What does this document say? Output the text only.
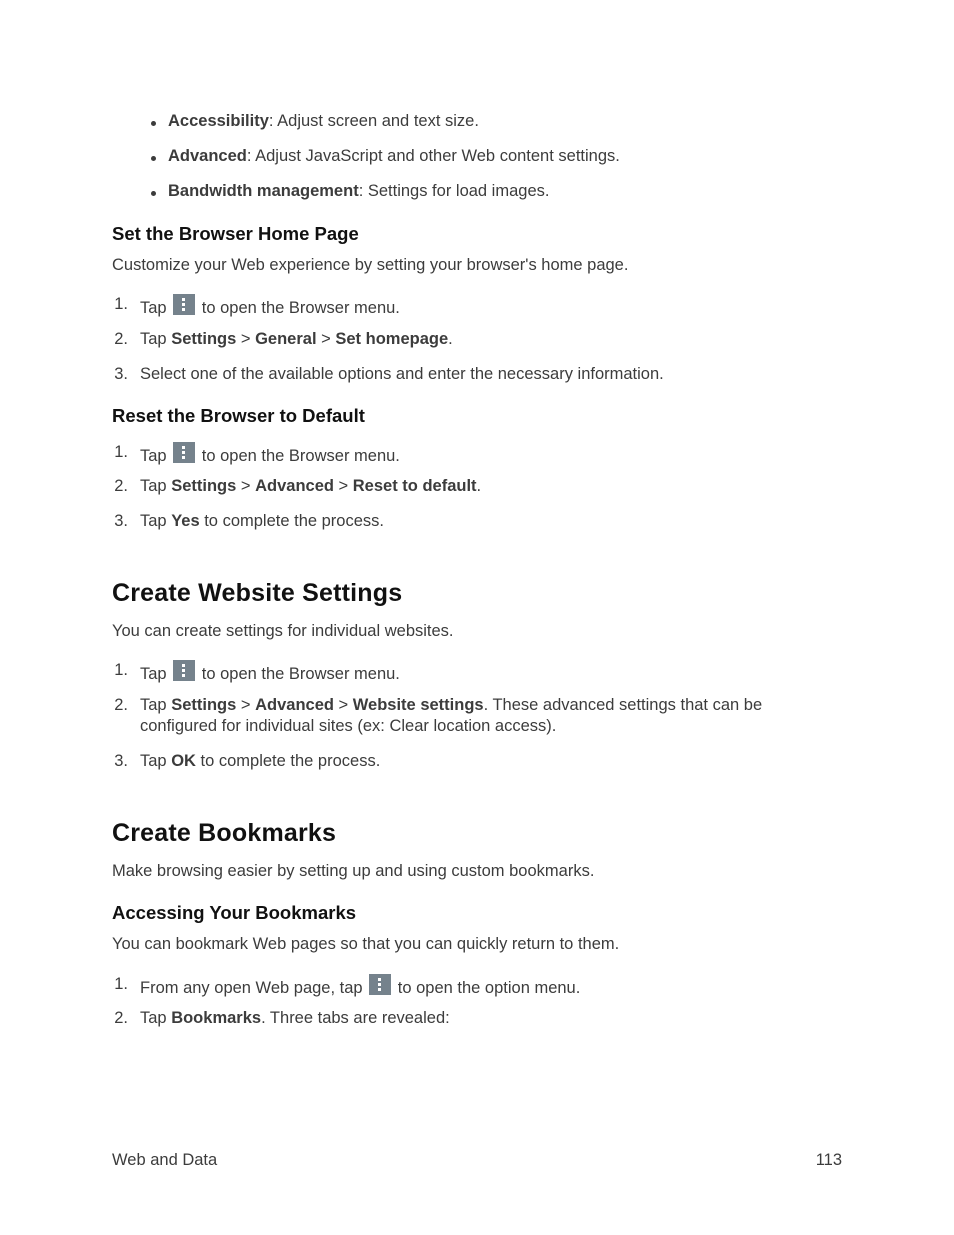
Accessibility: Adjust screen and text size.
Advanced: Adjust JavaScript and other Web content settings.
Bandwidth management: Settings for load images.
Set the Browser Home Page
Customize your Web experience by setting your browser's home page.
1. Tap
to open the Browser menu.
2. Tap Settings > General > Set homepage.
3. Select one of the available options and enter the necessary information.
Reset the Browser to Default
1. Tap
to open the Browser menu.
2. Tap Settings > Advanced > Reset to default.
3. Tap Yes to complete the process.
Create Website Settings
You can create settings for individual websites.
1. Tap
to open the Browser menu.
2. Tap Settings > Advanced > Website settings. These advanced settings that can be
configured for individual sites (ex: Clear location access).
3. Tap OK to complete the process.
Create Bookmarks
Make browsing easier by setting up and using custom bookmarks.
Accessing Your Bookmarks
You can bookmark Web pages so that you can quickly return to them.
1. From any open Web page, tap
to open the option menu.
2. Tap Bookmarks. Three tabs are revealed:
Web and Data	113
